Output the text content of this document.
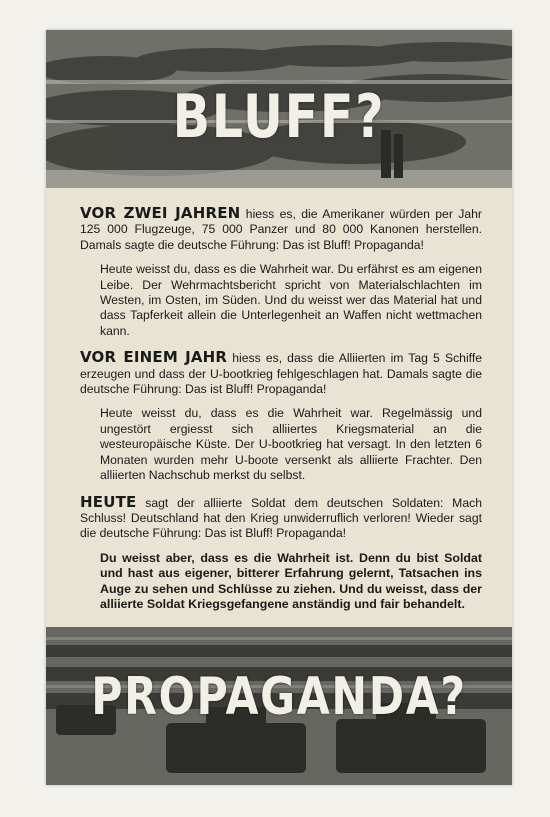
BLUFF?

VOR ZWEI JAHREN hiess es, die Amerikaner würden per Jahr 125 000 Flugzeuge, 75 000 Panzer und 80 000 Kanonen herstellen. Damals sagte die deutsche Führung: Das ist Bluff! Propaganda!

Heute weisst du, dass es die Wahrheit war. Du erfährst es am eigenen Leibe. Der Wehrmachtsbericht spricht von Materialschlachten im Westen, im Osten, im Süden. Und du weisst wer das Material hat und dass Tapferkeit allein die Unterlegenheit an Waffen nicht wettmachen kann.

VOR EINEM JAHR hiess es, dass die Alliierten im Tag 5 Schiffe erzeugen und dass der U-bootkrieg fehlgeschlagen hat. Damals sagte die deutsche Führung: Das ist Bluff! Propaganda!

Heute weisst du, dass es die Wahrheit war. Regelmässig und ungestört ergiesst sich alliiertes Kriegsmaterial an die westeuropäische Küste. Der U-bootkrieg hat versagt. In den letzten 6 Monaten wurden mehr U-boote versenkt als alliierte Frachter. Den alliierten Nachschub merkst du selbst.

HEUTE sagt der alliierte Soldat dem deutschen Soldaten: Mach Schluss! Deutschland hat den Krieg unwiderruflich verloren! Wieder sagt die deutsche Führung: Das ist Bluff! Propaganda!

Du weisst aber, dass es die Wahrheit ist. Denn du bist Soldat und hast aus eigener, bitterer Erfahrung gelernt, Tatsachen ins Auge zu sehen und Schlüsse zu ziehen. Und du weisst, dass der alliierte Soldat Kriegsgefangene anständig und fair behandelt.

PROPAGANDA?
